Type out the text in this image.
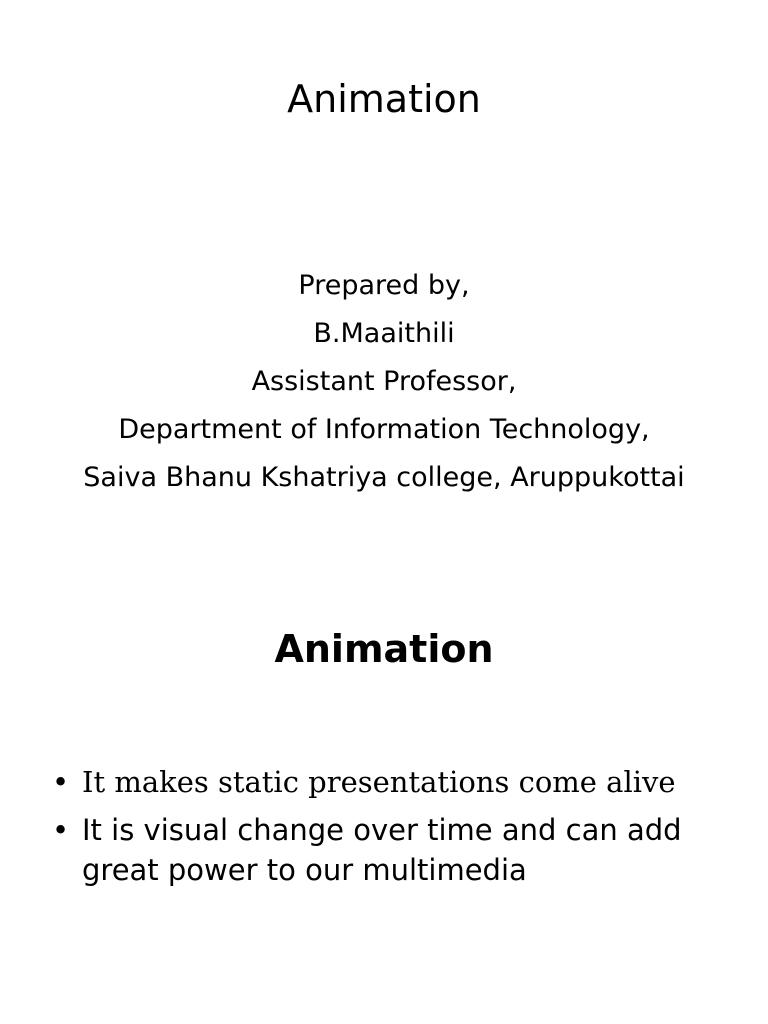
Animation
Prepared by,
B.Maaithili
Assistant Professor,
Department of Information Technology,
Saiva Bhanu Kshatriya college, Aruppukottai
Animation
• It makes static presentations come alive
• It is visual change over time and can add great power to our multimedia
